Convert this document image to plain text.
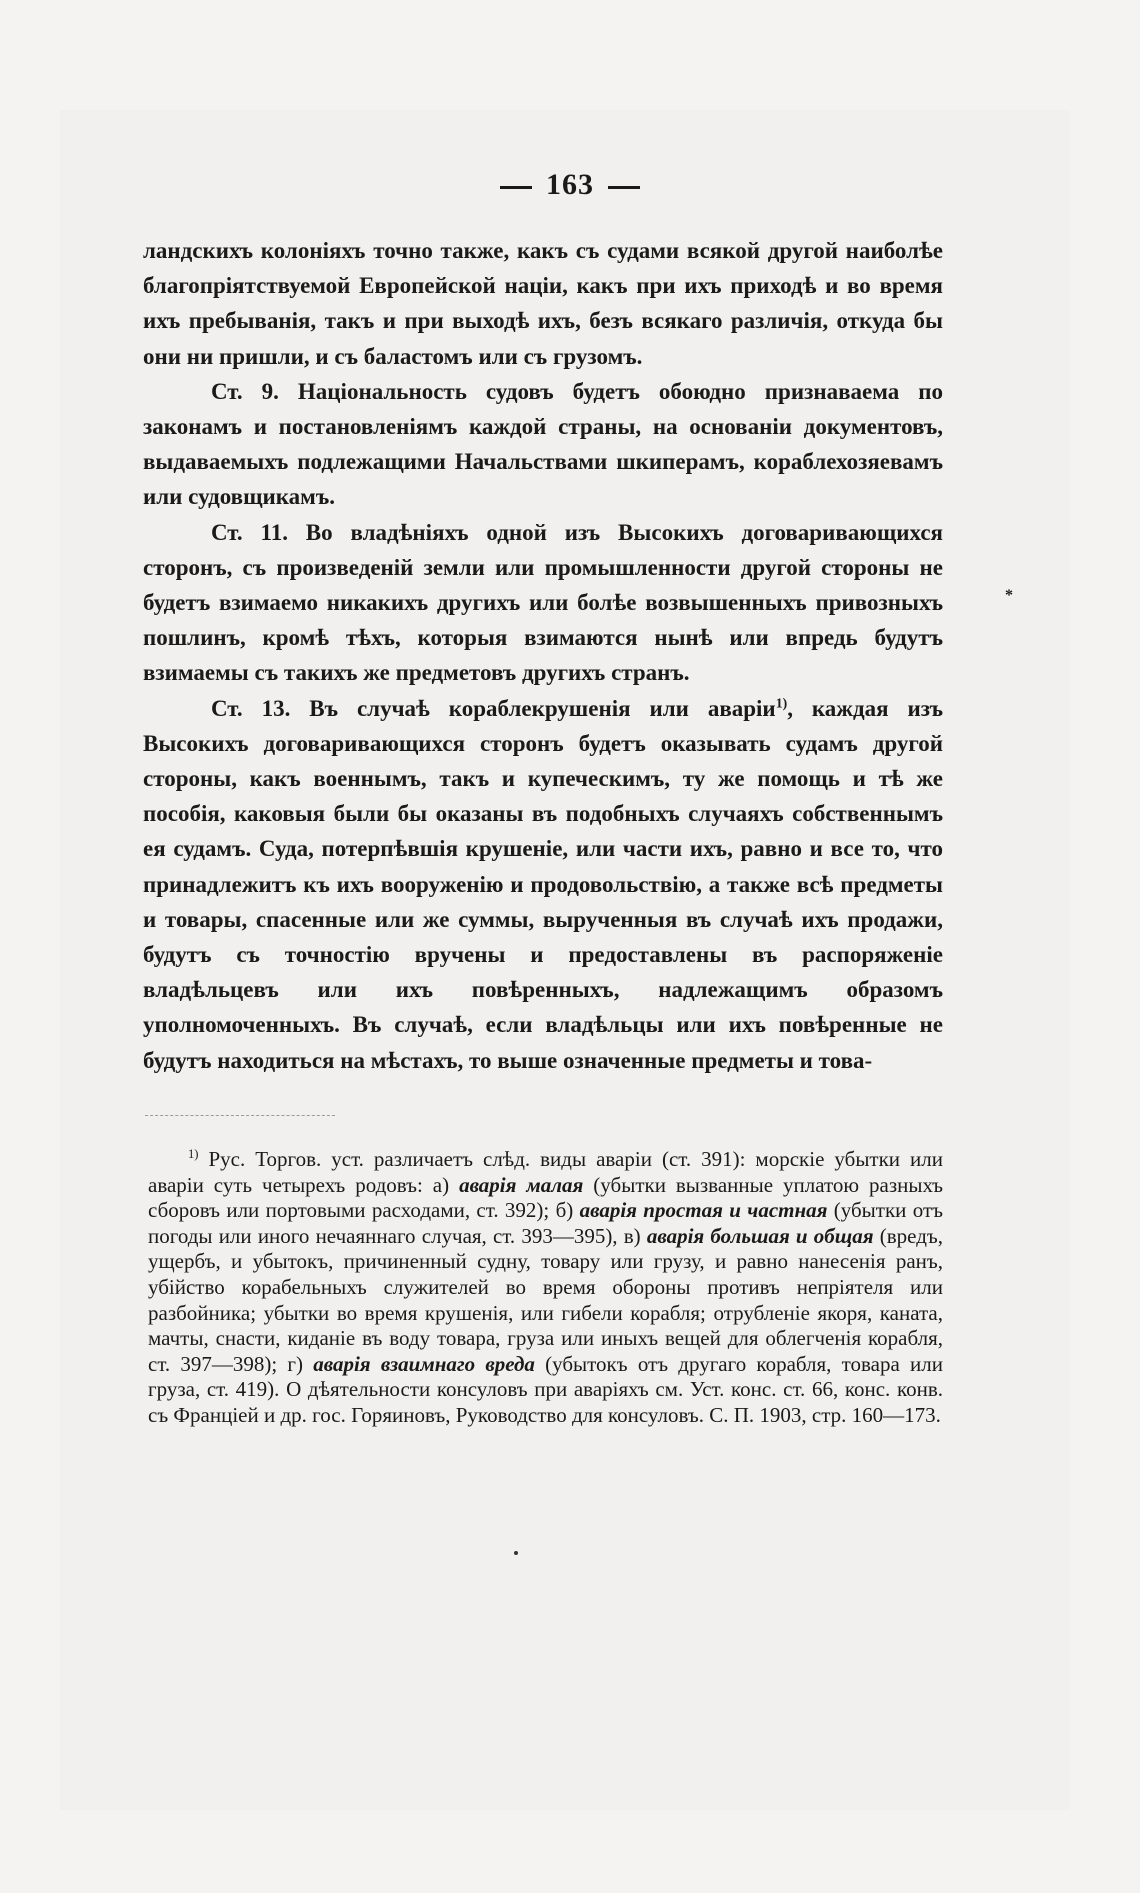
163

ландскихъ колоніяхъ точно также, какъ съ судами всякой другой наиболѣе благопріятствуемой Европейской націи, какъ при ихъ приходѣ и во время ихъ пребыванія, такъ и при выходѣ ихъ, безъ всякаго различія, откуда бы они ни пришли, и съ баластомъ или съ грузомъ.

Ст. 9. Національность судовъ будетъ обоюдно признаваема по законамъ и постановленіямъ каждой страны, на основаніи документовъ, выдаваемыхъ подлежащими Начальствами шкиперамъ, кораблехозяевамъ или судовщикамъ.

Ст. 11. Во владѣніяхъ одной изъ Высокихъ договаривающихся сторонъ, съ произведеній земли или промышленности другой стороны не будетъ взимаемо никакихъ другихъ или болѣе возвышенныхъ привозныхъ пошлинъ, кромѣ тѣхъ, которыя взимаются нынѣ или впредь будутъ взимаемы съ такихъ же предметовъ другихъ странъ.

Ст. 13. Въ случаѣ кораблекрушенія или аваріи$^{1)}$, каждая изъ Высокихъ договаривающихся сторонъ будетъ оказывать судамъ другой стороны, какъ военнымъ, такъ и купеческимъ, ту же помощь и тѣ же пособія, каковыя были бы оказаны въ подобныхъ случаяхъ собственнымъ ея судамъ. Суда, потерпѣвшія крушеніе, или части ихъ, равно и все то, что принадлежитъ къ ихъ вооруженію и продовольствію, а также всѣ предметы и товары, спасенные или же суммы, вырученныя въ случаѣ ихъ продажи, будутъ съ точностію вручены и предоставлены въ распоряженіе владѣльцевъ или ихъ повѣренныхъ, надлежащимъ образомъ уполномоченныхъ. Въ случаѣ, если владѣльцы или ихъ повѣренные не будутъ находиться на мѣстахъ, то выше означенные предметы и това-

*

$^{1)}$ Рус. Торгов. уст. различаетъ слѣд. виды аваріи (ст. 391): морскіе убытки или аваріи суть четырехъ родовъ: а) аварія малая (убытки вызванные уплатою разныхъ сборовъ или портовыми расходами, ст. 392); б) аварія простая и частная (убытки отъ погоды или иного нечаяннаго случая, ст. 393—395), в) аварія большая и общая (вредъ, ущербъ, и убытокъ, причиненный судну, товару или грузу, и равно нанесенія ранъ, убійство корабельныхъ служителей во время обороны противъ непріятеля или разбойника; убытки во время крушенія, или гибели корабля; отрубленіе якоря, каната, мачты, снасти, киданіе въ воду товара, груза или иныхъ вещей для облегченія корабля, ст. 397—398); г) аварія взаимнаго вреда (убытокъ отъ другаго корабля, товара или груза, ст. 419). О дѣятельности консуловъ при аваріяхъ см. Уст. конс. ст. 66, конс. конв. съ Франціей и др. гос. Горяиновъ, Руководство для консуловъ. С. П. 1903, стр. 160—173.
